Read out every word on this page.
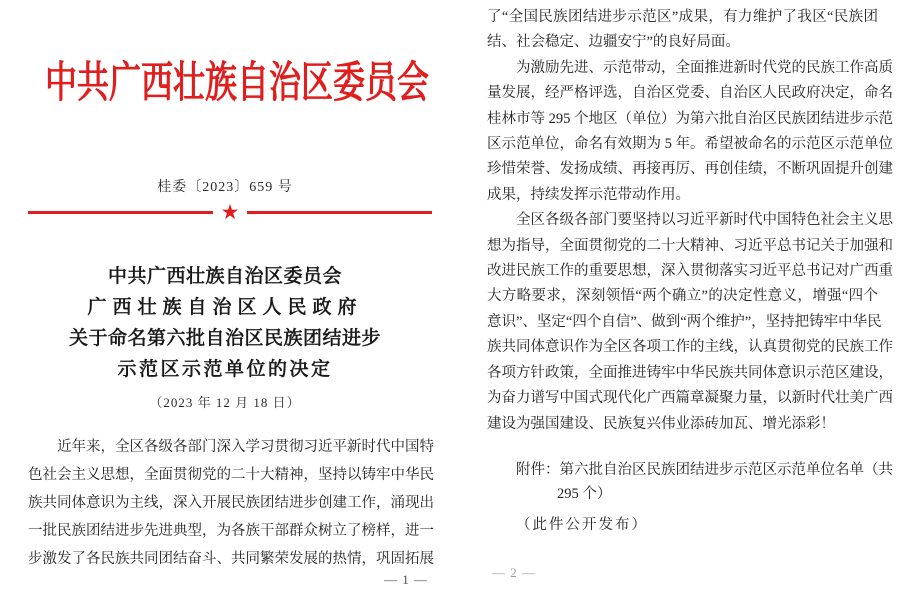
中共广西壮族自治区委员会
桂委〔2023〕659 号
★
中共广西壮族自治区委员会
广西壮族自治区人民政府
关于命名第六批自治区民族团结进步
示范区示范单位的决定
（2023 年 12 月 18 日）
近年来，全区各级各部门深入学习贯彻习近平新时代中国特
色社会主义思想，全面贯彻党的二十大精神，坚持以铸牢中华民
族共同体意识为主线，深入开展民族团结进步创建工作，涌现出
一批民族团结进步先进典型，为各族干部群众树立了榜样，进一
步激发了各民族共同团结奋斗、共同繁荣发展的热情，巩固拓展
— 1 —
了“全国民族团结进步示范区”成果，有力维护了我区“民族团
结、社会稳定、边疆安宁”的良好局面。
为激励先进、示范带动，全面推进新时代党的民族工作高质
量发展，经严格评选，自治区党委、自治区人民政府决定，命名
桂林市等 295 个地区（单位）为第六批自治区民族团结进步示范
区示范单位，命名有效期为 5 年。希望被命名的示范区示范单位
珍惜荣誉、发扬成绩、再接再厉、再创佳绩，不断巩固提升创建
成果，持续发挥示范带动作用。
全区各级各部门要坚持以习近平新时代中国特色社会主义思
想为指导，全面贯彻党的二十大精神、习近平总书记关于加强和
改进民族工作的重要思想，深入贯彻落实习近平总书记对广西重
大方略要求，深刻领悟“两个确立”的决定性意义，增强“四个
意识”、坚定“四个自信”、做到“两个维护”，坚持把铸牢中华民
族共同体意识作为全区各项工作的主线，认真贯彻党的民族工作
各项方针政策，全面推进铸牢中华民族共同体意识示范区建设，
为奋力谱写中国式现代化广西篇章凝聚力量，以新时代壮美广西
建设为强国建设、民族复兴伟业添砖加瓦、增光添彩！
附件：第六批自治区民族团结进步示范区示范单位名单（共
295 个）
（此件公开发布）
— 2 —
